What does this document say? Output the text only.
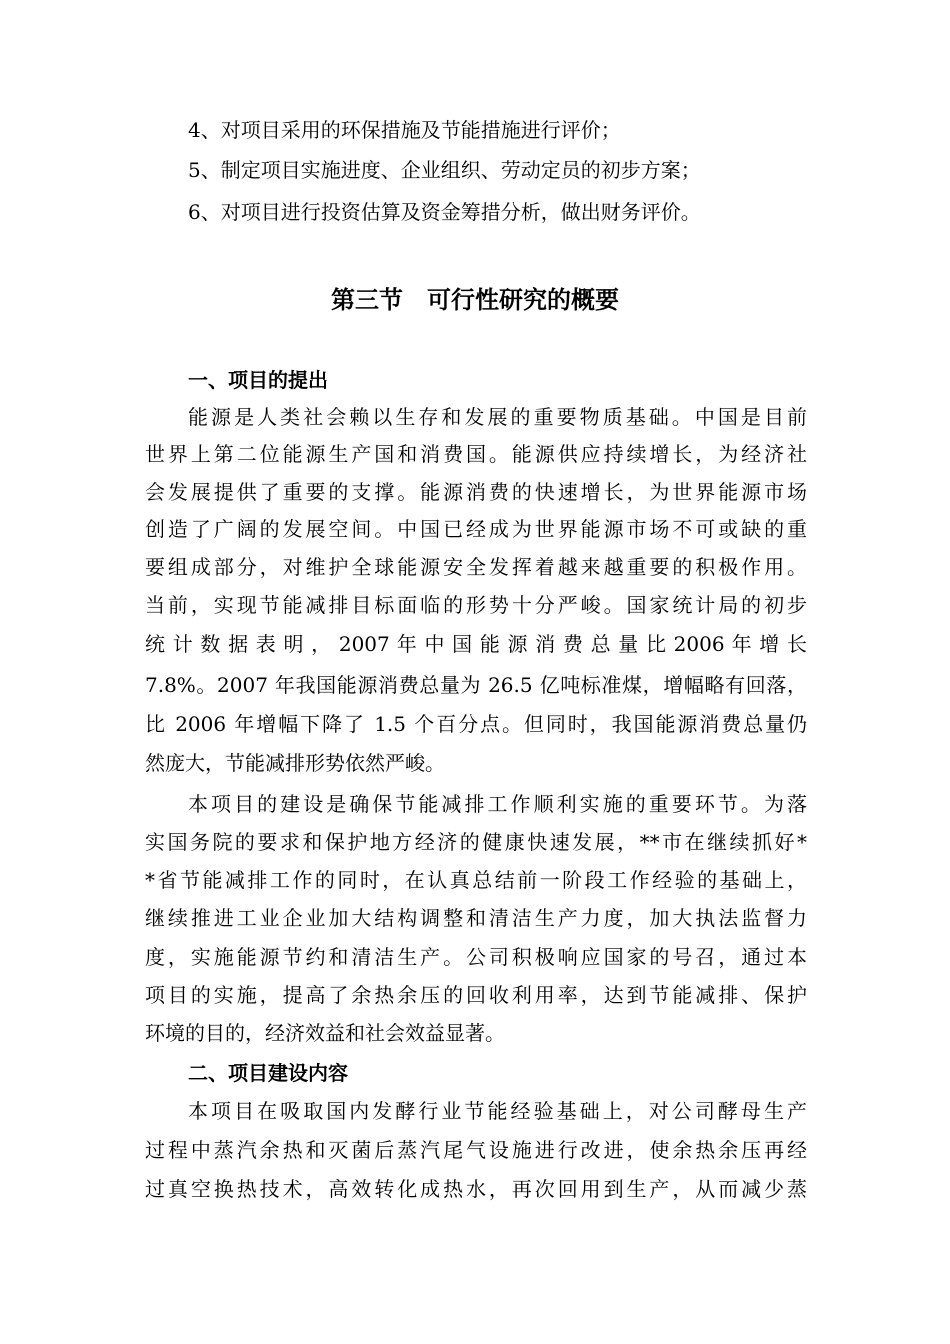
4、对项目采用的环保措施及节能措施进行评价；
5、制定项目实施进度、企业组织、劳动定员的初步方案；
6、对项目进行投资估算及资金筹措分析，做出财务评价。
第三节　可行性研究的概要
一、项目的提出
能源是人类社会赖以生存和发展的重要物质基础。中国是目前
世界上第二位能源生产国和消费国。能源供应持续增长，为经济社
会发展提供了重要的支撑。能源消费的快速增长，为世界能源市场
创造了广阔的发展空间。中国已经成为世界能源市场不可或缺的重
要组成部分，对维护全球能源安全发挥着越来越重要的积极作用。
当前，实现节能减排目标面临的形势十分严峻。国家统计局的初步
统 计 数 据 表 明 ， 2007 年 中 国 能 源 消 费 总 量 比 2006 年 增 长
7.8%。2007 年我国能源消费总量为 26.5 亿吨标准煤，增幅略有回落，
比 2006 年增幅下降了 1.5 个百分点。但同时，我国能源消费总量仍
然庞大，节能减排形势依然严峻。
本项目的建设是确保节能减排工作顺利实施的重要环节。为落
实国务院的要求和保护地方经济的健康快速发展，**市在继续抓好*
*省节能减排工作的同时，在认真总结前一阶段工作经验的基础上，
继续推进工业企业加大结构调整和清洁生产力度，加大执法监督力
度，实施能源节约和清洁生产。公司积极响应国家的号召，通过本
项目的实施，提高了余热余压的回收利用率，达到节能减排、保护
环境的目的，经济效益和社会效益显著。
二、项目建设内容
本项目在吸取国内发酵行业节能经验基础上，对公司酵母生产
过程中蒸汽余热和灭菌后蒸汽尾气设施进行改进，使余热余压再经
过真空换热技术，高效转化成热水，再次回用到生产，从而减少蒸
